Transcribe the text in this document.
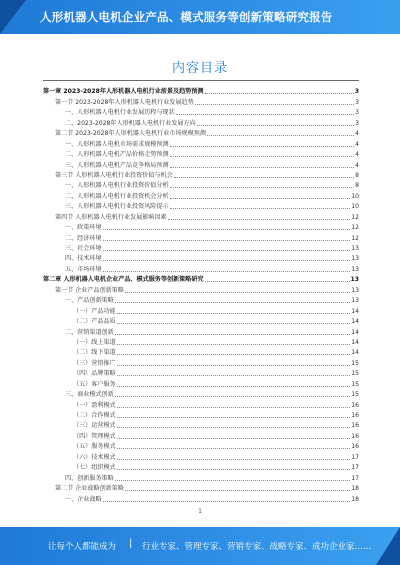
人形机器人电机企业产品、模式服务等创新策略研究报告
内容目录
第一章 2023-2028年人形机器人电机行业前景及趋势预测	3
第一节 2023-2028年人形机器人电机行业发展趋势	3
一、人形机器人电机行业发展历程与现状	3
二、2023-2028年人形机器人电机行业发展方向	3
第二节 2023-2028年人形机器人电机行业市场规模预测	4
一、人形机器人电机市场需求规模预测	4
二、人形机器人电机产品价格走势预测	4
三、人形机器人电机产品竞争格局预测	4
第三节 人形机器人电机行业投资价值与机会	8
一、人形机器人电机行业投资价值分析	8
二、人形机器人电机行业投资机会分析	10
三、人形机器人电机行业投资风险提示	10
第四节 人形机器人电机行业发展影响因素	12
一、政策环境	12
二、经济环境	12
三、社会环境	13
四、技术环境	13
五、市场环境	13
第二章 人形机器人电机企业产品、模式服务等创新策略研究	13
第一节 企业产品创新策略	13
一、产品创新策略	13
（一）产品功能	14
（二）产品品质	14
二、营销渠道创新	14
（一）线上渠道	14
（二）线下渠道	14
（三）营销推广	15
（四）品牌策略	15
（五）客户服务	15
三、商业模式创新	15
（一）盈利模式	16
（二）合作模式	16
（三）运营模式	16
（四）管理模式	16
（五）服务模式	16
（六）技术模式	17
（七）组织模式	17
四、创新服务策略	17
第二节 企业战略创新策略	18
一、企业战略	18
1
让每个人都能成为 | 行业专家、管理专家、营销专家、战略专家、成功企业家……
